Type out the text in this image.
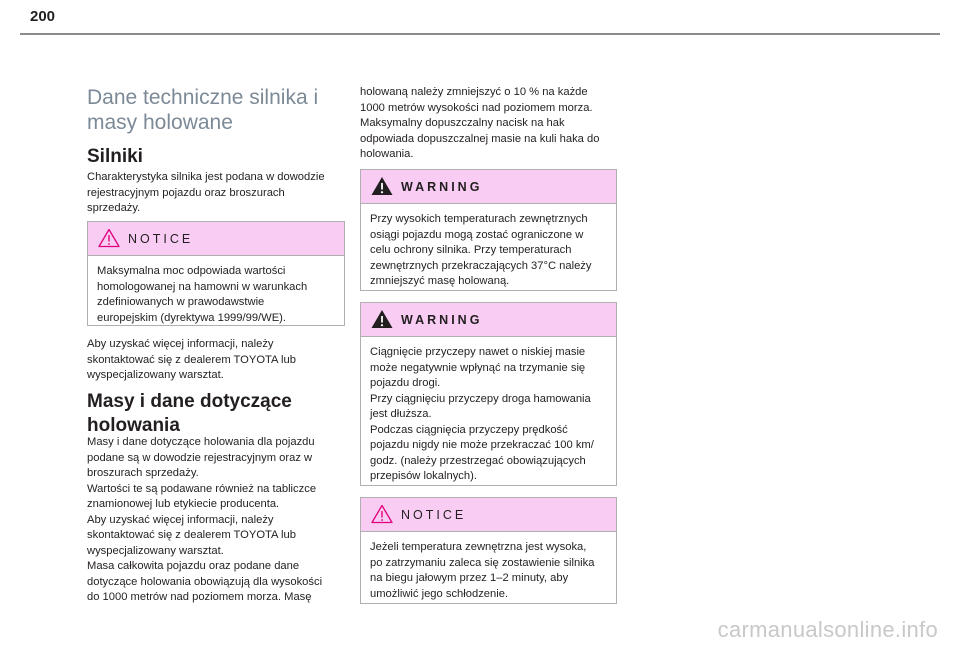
200
Dane techniczne silnika i
masy holowane
Silniki
Charakterystyka silnika jest podana w dowodzie
rejestracyjnym pojazdu oraz broszurach
sprzedaży.
NOTICE
Maksymalna moc odpowiada wartości
homologowanej na hamowni w warunkach
zdefiniowanych w prawodawstwie
europejskim (dyrektywa 1999/99/WE).
Aby uzyskać więcej informacji, należy
skontaktować się z dealerem TOYOTA lub
wyspecjalizowany warsztat.
Masy i dane dotyczące
holowania
Masy i dane dotyczące holowania dla pojazdu
podane są w dowodzie rejestracyjnym oraz w
broszurach sprzedaży.
Wartości te są podawane również na tabliczce
znamionowej lub etykiecie producenta.
Aby uzyskać więcej informacji, należy
skontaktować się z dealerem TOYOTA lub
wyspecjalizowany warsztat.
Masa całkowita pojazdu oraz podane dane
dotyczące holowania obowiązują dla wysokości
do 1000 metrów nad poziomem morza. Masę
holowaną należy zmniejszyć o 10 % na każde
1000 metrów wysokości nad poziomem morza.
Maksymalny dopuszczalny nacisk na hak
odpowiada dopuszczalnej masie na kuli haka do
holowania.
WARNING
Przy wysokich temperaturach zewnętrznych
osiągi pojazdu mogą zostać ograniczone w
celu ochrony silnika. Przy temperaturach
zewnętrznych przekraczających 37°C należy
zmniejszyć masę holowaną.
WARNING
Ciągnięcie przyczepy nawet o niskiej masie
może negatywnie wpłynąć na trzymanie się
pojazdu drogi.
Przy ciągnięciu przyczepy droga hamowania
jest dłuższa.
Podczas ciągnięcia przyczepy prędkość
pojazdu nigdy nie może przekraczać 100 km/
godz. (należy przestrzegać obowiązujących
przepisów lokalnych).
NOTICE
Jeżeli temperatura zewnętrzna jest wysoka,
po zatrzymaniu zaleca się zostawienie silnika
na biegu jałowym przez 1–2 minuty, aby
umożliwić jego schłodzenie.
carmanualsonline.info
